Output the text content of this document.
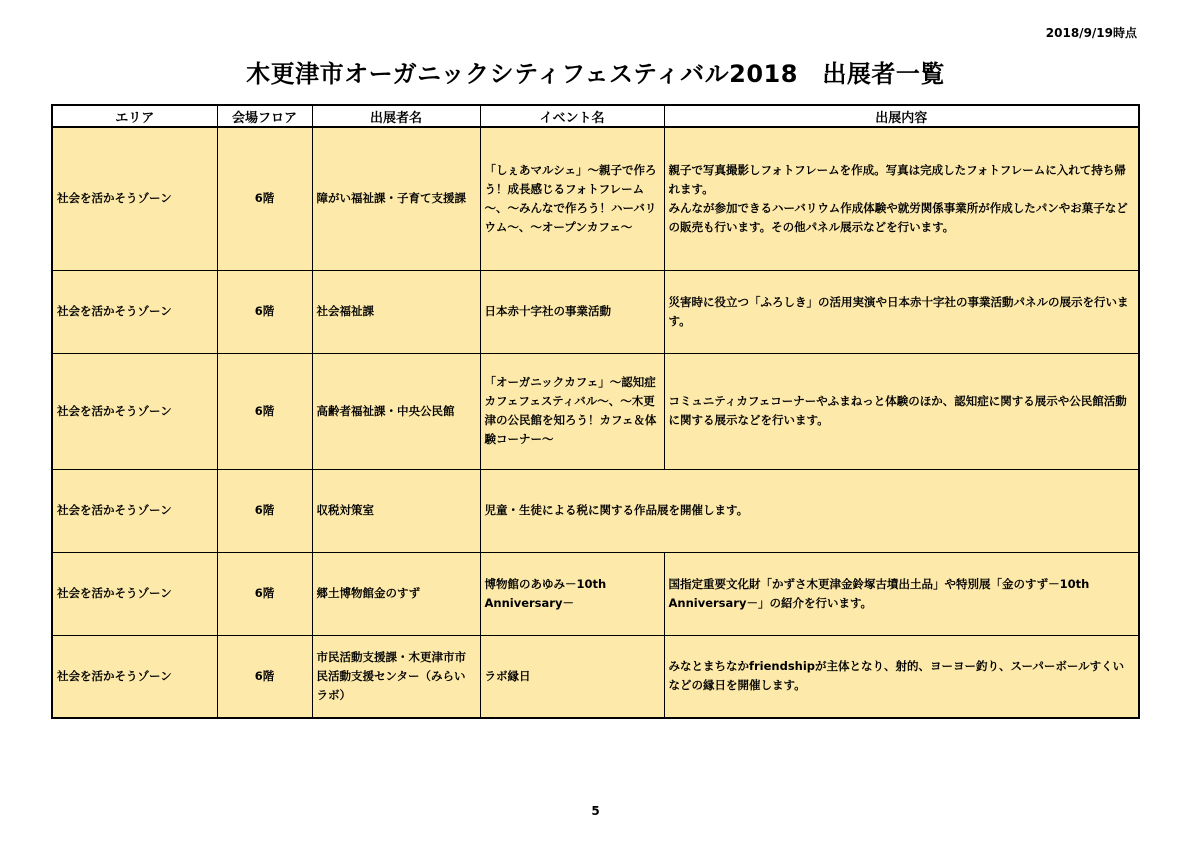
2018/9/19時点
木更津市オーガニックシティフェスティバル2018　出展者一覧
エリア	会場フロア	出展者名	イベント名	出展内容
社会を活かそうゾーン	6階	障がい福祉課・子育て支援課	「しぇあマルシェ」～親子で作ろう！成長感じるフォトフレーム～、～みんなで作ろう！ハーバリウム～、～オープンカフェ～	親子で写真撮影しフォトフレームを作成。写真は完成したフォトフレームに入れて持ち帰れます。
みんなが参加できるハーバリウム作成体験や就労関係事業所が作成したパンやお菓子などの販売も行います。その他パネル展示などを行います。
社会を活かそうゾーン	6階	社会福祉課	日本赤十字社の事業活動	災害時に役立つ「ふろしき」の活用実演や日本赤十字社の事業活動パネルの展示を行います。
社会を活かそうゾーン	6階	高齢者福祉課・中央公民館	「オーガニックカフェ」～認知症カフェフェスティバル～、～木更津の公民館を知ろう！カフェ＆体験コーナー～	コミュニティカフェコーナーやふまねっと体験のほか、認知症に関する展示や公民館活動に関する展示などを行います。
社会を活かそうゾーン	6階	収税対策室	児童・生徒による税に関する作品展を開催します。	
社会を活かそうゾーン	6階	郷土博物館金のすず	博物館のあゆみ－10th Anniversary－	国指定重要文化財「かずさ木更津金鈴塚古墳出土品」や特別展「金のすず－10th Anniversary－」の紹介を行います。
社会を活かそうゾーン	6階	市民活動支援課・木更津市市民活動支援センター（みらいラボ）	ラボ縁日	みなとまちなかfriendshipが主体となり、射的、ヨーヨー釣り、スーパーボールすくいなどの縁日を開催します。
5
